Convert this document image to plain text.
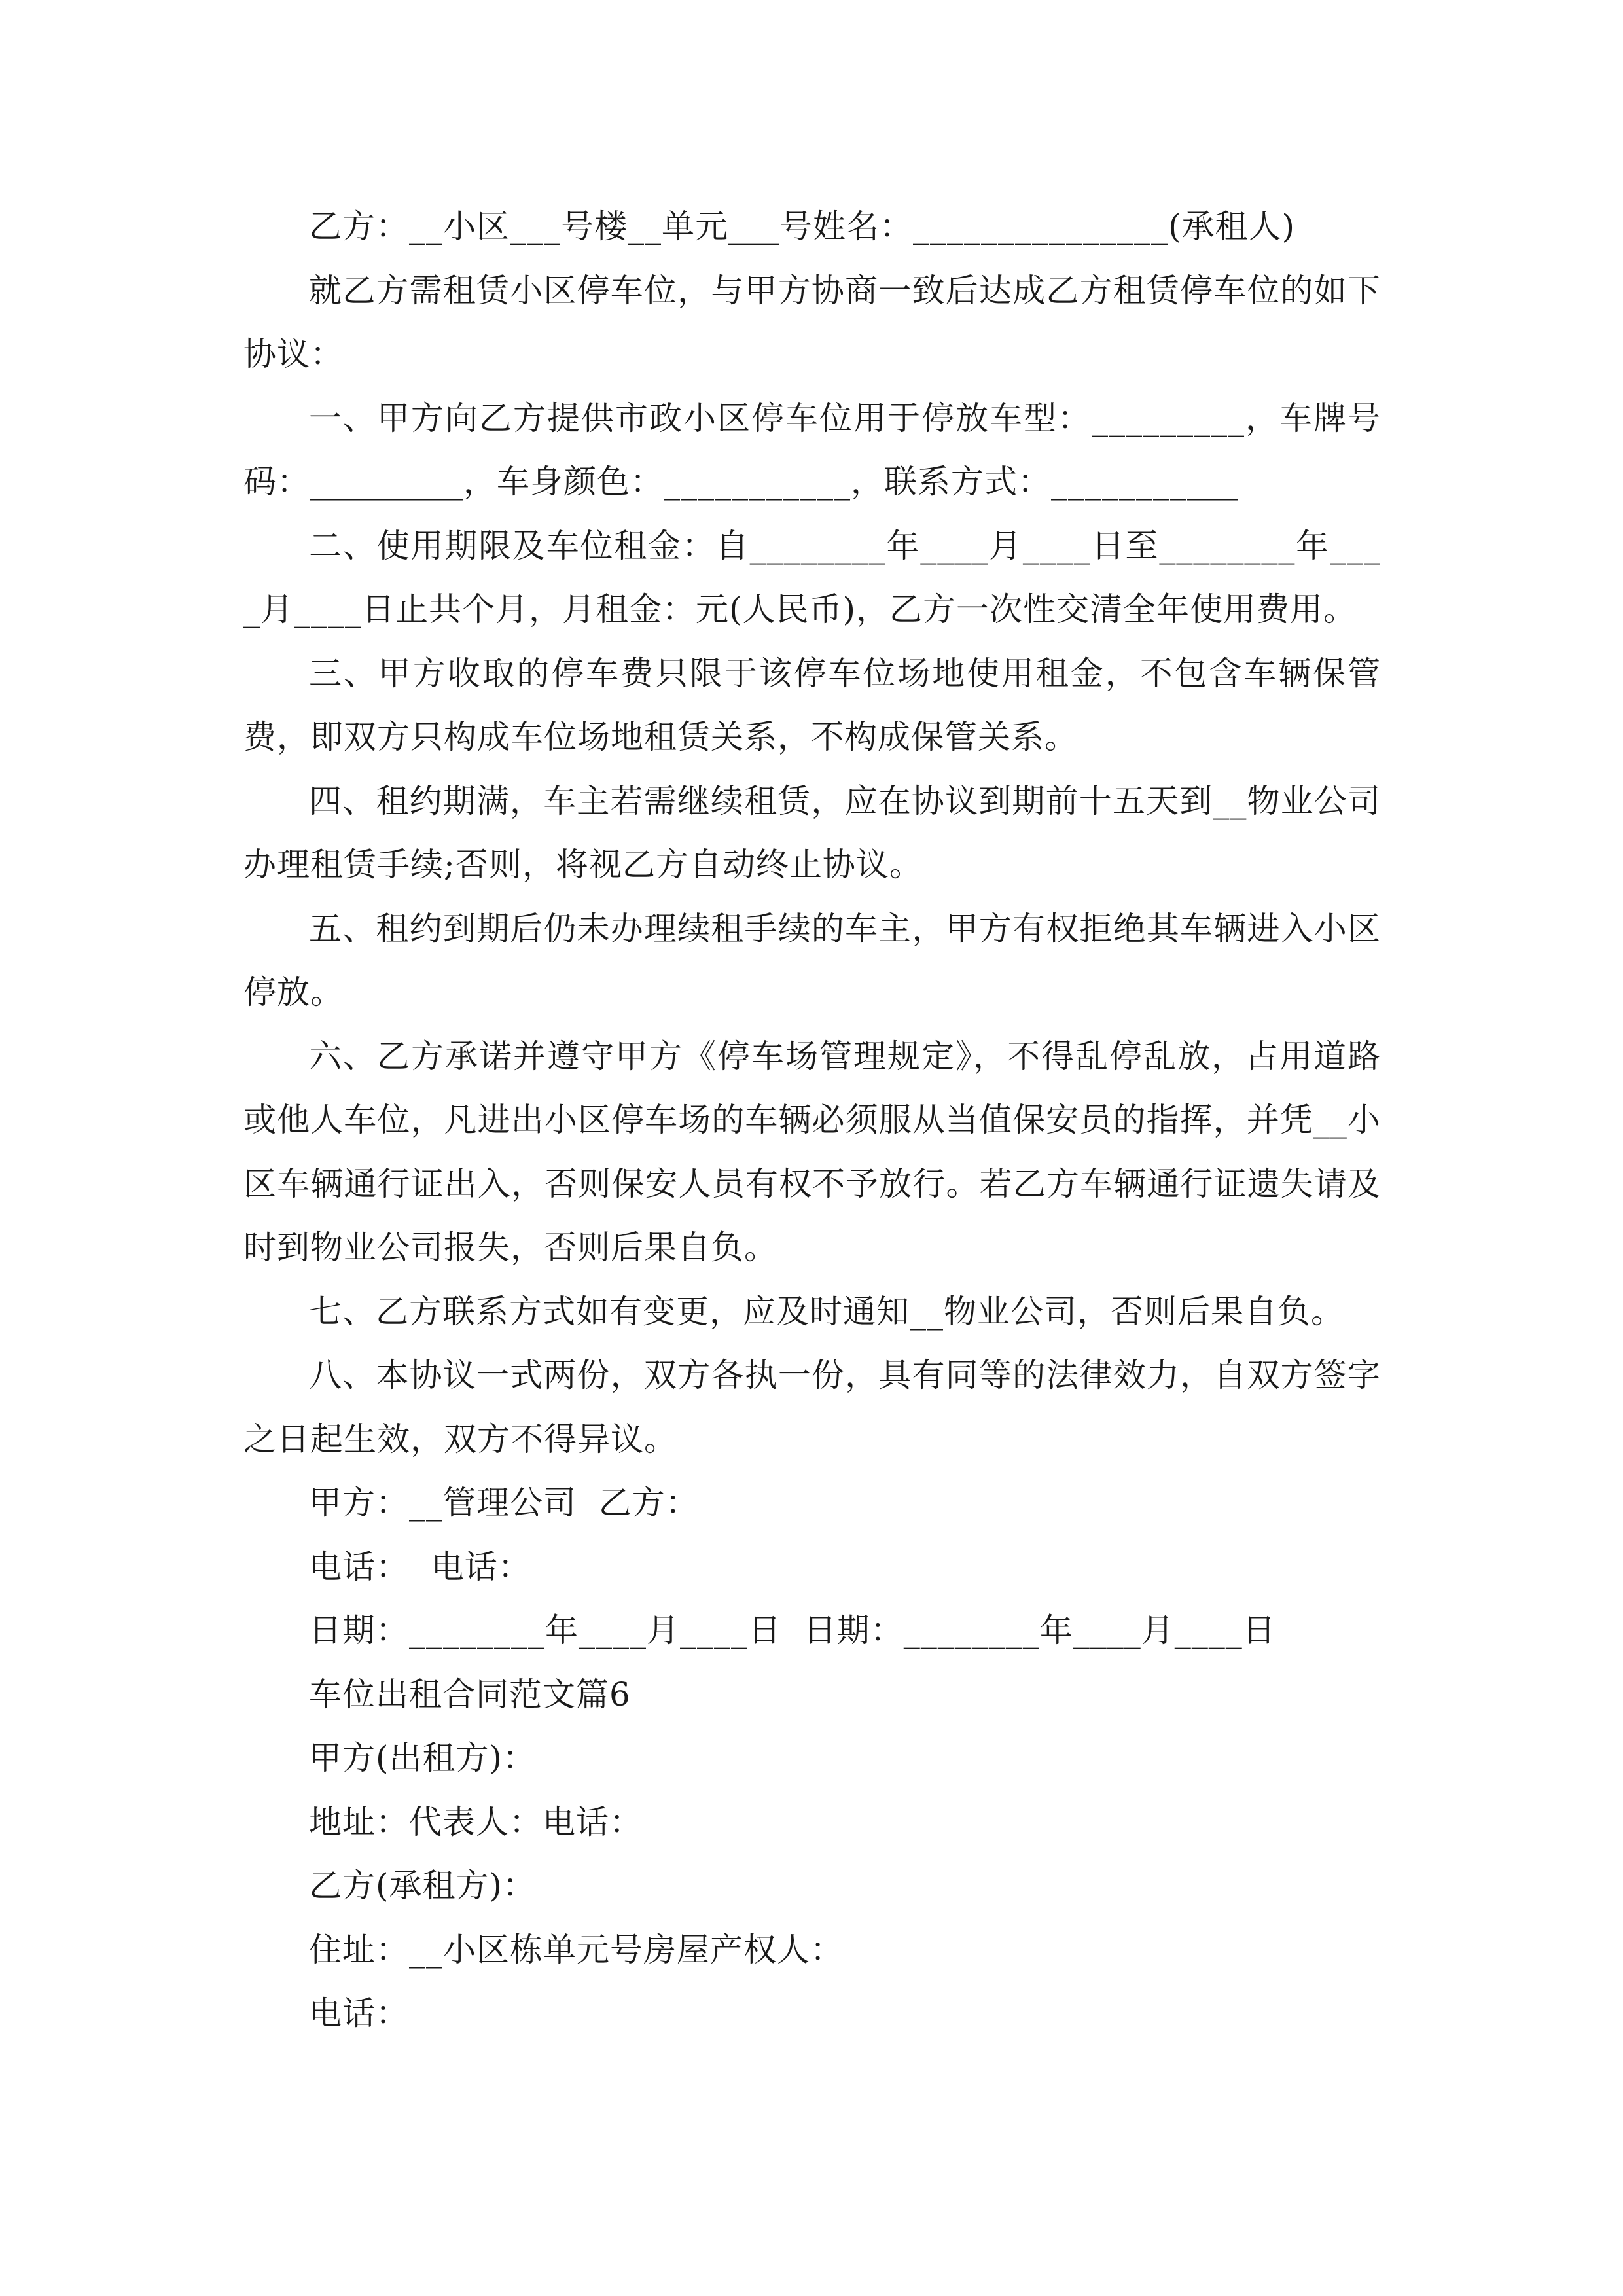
乙方：__小区___号楼__单元___号姓名：_______________(承租人)

就乙方需租赁小区停车位，与甲方协商一致后达成乙方租赁停车位的如下协议：

一、甲方向乙方提供市政小区停车位用于停放车型：_________，车牌号码：_________，车身颜色：___________，联系方式：___________

二、使用期限及车位租金：自________年____月____日至________年____月____日止共个月，月租金：元(人民币)，乙方一次性交清全年使用费用。

三、甲方收取的停车费只限于该停车位场地使用租金，不包含车辆保管费，即双方只构成车位场地租赁关系，不构成保管关系。

四、租约期满，车主若需继续租赁，应在协议到期前十五天到__物业公司办理租赁手续;否则，将视乙方自动终止协议。

五、租约到期后仍未办理续租手续的车主，甲方有权拒绝其车辆进入小区停放。

六、乙方承诺并遵守甲方《停车场管理规定》，不得乱停乱放，占用道路或他人车位，凡进出小区停车场的车辆必须服从当值保安员的指挥，并凭__小区车辆通行证出入，否则保安人员有权不予放行。若乙方车辆通行证遗失请及时到物业公司报失，否则后果自负。

七、乙方联系方式如有变更，应及时通知__物业公司，否则后果自负。

八、本协议一式两份，双方各执一份，具有同等的法律效力，自双方签字之日起生效，双方不得异议。

甲方：__管理公司  乙方：

电话：  电话：

日期：________年____月____日  日期：________年____月____日

车位出租合同范文篇6

甲方(出租方)：

地址：代表人：电话：

乙方(承租方)：

住址：__小区栋单元号房屋产权人：

电话：
